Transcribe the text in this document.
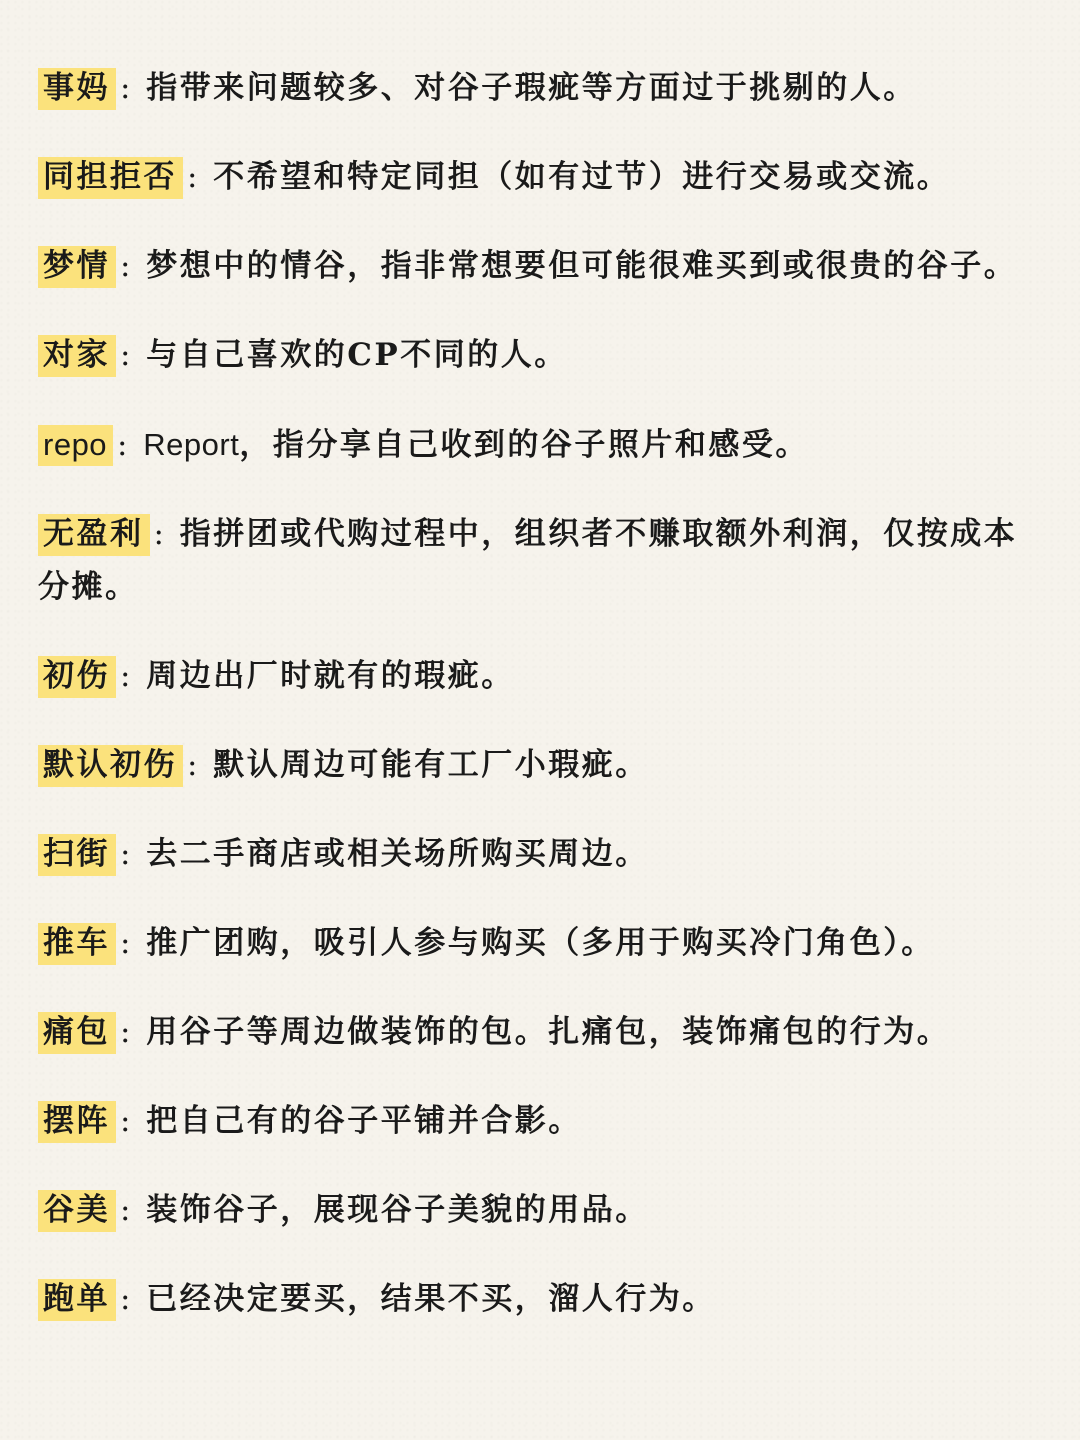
事妈 : 指带来问题较多、对谷子瑕疵等方面过于挑剔的人。

同担拒否 : 不希望和特定同担（如有过节）进行交易或交流。

梦情 : 梦想中的情谷，指非常想要但可能很难买到或很贵的谷子。

对家 : 与自己喜欢的CP不同的人。

repo : Report，指分享自己收到的谷子照片和感受。

无盈利 : 指拼团或代购过程中，组织者不赚取额外利润，仅按成本分摊。

初伤 : 周边出厂时就有的瑕疵。

默认初伤 : 默认周边可能有工厂小瑕疵。

扫街 : 去二手商店或相关场所购买周边。

推车 : 推广团购，吸引人参与购买（多用于购买冷门角色）。

痛包 : 用谷子等周边做装饰的包。扎痛包，装饰痛包的行为。

摆阵 : 把自己有的谷子平铺并合影。

谷美 : 装饰谷子，展现谷子美貌的用品。

跑单 : 已经决定要买，结果不买，溜人行为。
